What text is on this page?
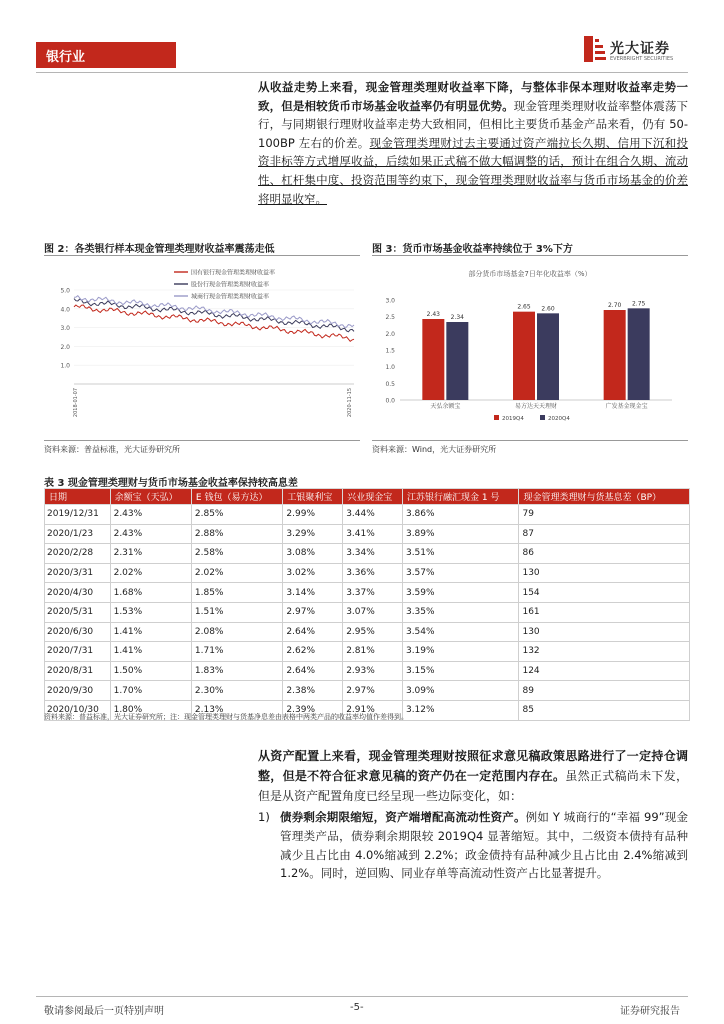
银行业
光大证券
EVERBRIGHT SECURITIES
从收益走势上来看，现金管理类理财收益率下降，与整体非保本理财收益率走势一致，但是相较货币市场基金收益率仍有明显优势。现金管理类理财收益率整体震荡下行，与同期银行理财收益率走势大致相同，但相比主要货币基金产品来看，仍有 50-100BP 左右的价差。现金管理类理财过去主要通过资产端拉长久期、信用下沉和投资非标等方式增厚收益，后续如果正式稿不做大幅调整的话，预计在组合久期、流动性、杠杆集中度、投资范围等约束下，现金管理类理财收益率与货币市场基金的价差将明显收窄。
图 2：各类银行样本现金管理类理财收益率震荡走低
5.0
4.0
3.0
2.0
1.0
国有银行现金管理类理财收益率
股份行现金管理类理财收益率
城商行现金管理类理财收益率
2018-01-07	2020-11-15
资料来源：普益标准，光大证券研究所
图 3：货币市场基金收益率持续位于 3%下方
部分货币市场基金7日年化收益率（%）
3.0
2.5
2.0
1.5
1.0
0.5
0.0
2.43 2.34
天弘余额宝
2.65 2.60
易方达天天理财
2.70 2.75
广发基金现金宝
2019Q4	2020Q4
资料来源：Wind，光大证券研究所
表 3 现金管理类理财与货币市场基金收益率保持较高息差
日期	余额宝（天弘）	E 钱包（易方达）	工银聚利宝	兴业现金宝	江苏银行融汇现金 1 号	现金管理类理财与货基息差（BP）
2019/12/31	2.43%	2.85%	2.99%	3.44%	3.86%	79
2020/1/23	2.43%	2.88%	3.29%	3.41%	3.89%	87
2020/2/28	2.31%	2.58%	3.08%	3.34%	3.51%	86
2020/3/31	2.02%	2.02%	3.02%	3.36%	3.57%	130
2020/4/30	1.68%	1.85%	3.14%	3.37%	3.59%	154
2020/5/31	1.53%	1.51%	2.97%	3.07%	3.35%	161
2020/6/30	1.41%	2.08%	2.64%	2.95%	3.54%	130
2020/7/31	1.41%	1.71%	2.62%	2.81%	3.19%	132
2020/8/31	1.50%	1.83%	2.64%	2.93%	3.15%	124
2020/9/30	1.70%	2.30%	2.38%	2.97%	3.09%	89
2020/10/30	1.80%	2.13%	2.39%	2.91%	3.12%	85
资料来源：普益标准，光大证券研究所；注：现金管理类理财与货基净息差由表格中两类产品的收益率均值作差得到。
从资产配置上来看，现金管理类理财按照征求意见稿政策思路进行了一定持仓调整，但是不符合征求意见稿的资产仍在一定范围内存在。虽然正式稿尚未下发，但是从资产配置角度已经呈现一些边际变化，如：
1) 债券剩余期限缩短，资产端增配高流动性资产。例如 Y 城商行的“幸福 99”现金管理类产品，债券剩余期限较 2019Q4 显著缩短。其中，二级资本债持有品种减少且占比由 4.0%缩减到 2.2%；政金债持有品种减少且占比由 2.4%缩减到 1.2%。同时，逆回购、同业存单等高流动性资产占比显著提升。
敬请参阅最后一页特别声明	-5-	证券研究报告
